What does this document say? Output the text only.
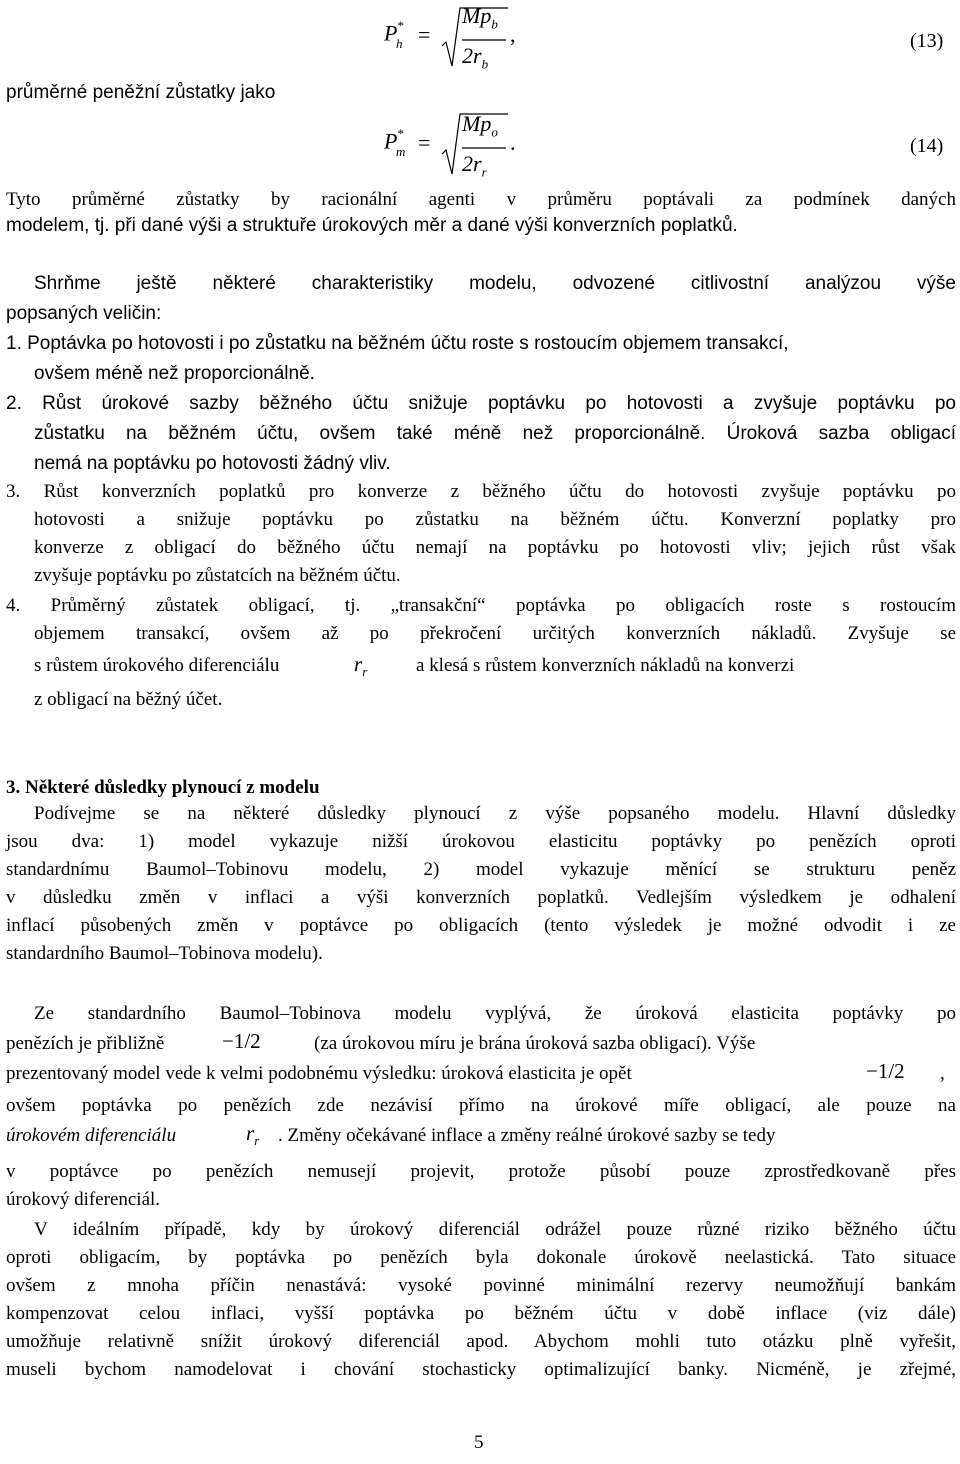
$P^*_h$ =
$Mp_b$
$2r_b$
,	(13)
průměrné peněžní zůstatky jako
$P^*_m$ =
$Mp_o$
$2r_r$
.	(14)
Tyto průměrné zůstatky by racionální agenti v průměru poptávali za podmínek daných
modelem, tj. při dané výši a struktuře úrokových měr a dané výši konverzních poplatků.
Shrňme ještě některé charakteristiky modelu, odvozené citlivostní analýzou výše
popsaných veličin:
1. Poptávka po hotovosti i po zůstatku na běžném účtu roste s rostoucím objemem transakcí,
ovšem méně než proporcionálně.
2. Růst úrokové sazby běžného účtu snižuje poptávku po hotovosti a zvyšuje poptávku po
zůstatku na běžném účtu, ovšem také méně než proporcionálně. Úroková sazba obligací
nemá na poptávku po hotovosti žádný vliv.
3. Růst konverzních poplatků pro konverze z běžného účtu do hotovosti zvyšuje poptávku po
hotovosti a snižuje poptávku po zůstatku na běžném účtu. Konverzní poplatky pro
konverze z obligací do běžného účtu nemají na poptávku po hotovosti vliv; jejich růst však
zvyšuje poptávku po zůstatcích na běžném účtu.
4. Průměrný zůstatek obligací, tj. „transakční“ poptávka po obligacích roste s rostoucím
objemem transakcí, ovšem až po překročení určitých konverzních nákladů. Zvyšuje se
s růstem úrokového diferenciálu	$r_r$	a klesá s růstem konverzních nákladů na konverzi
z obligací na běžný účet.
3. Některé důsledky plynoucí z modelu
Podívejme se na některé důsledky plynoucí z výše popsaného modelu. Hlavní důsledky
jsou dva: 1) model vykazuje nižší úrokovou elasticitu poptávky po penězích oproti
standardnímu Baumol–Tobinovu modelu, 2) model vykazuje měnící se strukturu peněz
v důsledku změn v inflaci a výši konverzních poplatků. Vedlejším výsledkem je odhalení
inflací působených změn v poptávce po obligacích (tento výsledek je možné odvodit i ze
standardního Baumol–Tobinova modelu).
Ze standardního Baumol–Tobinova modelu vyplývá, že úroková elasticita poptávky po
penězích je přibližně	−1/2	(za úrokovou míru je brána úroková sazba obligací). Výše
prezentovaný model vede k velmi podobnému výsledku: úroková elasticita je opět	−1/2 ,
ovšem poptávka po penězích zde nezávisí přímo na úrokové míře obligací, ale pouze na
úrokovém diferenciálu	$r_r$ . Změny očekávané inflace a změny reálné úrokové sazby se tedy
v poptávce po penězích nemusejí projevit, protože působí pouze zprostředkovaně přes
úrokový diferenciál.
V ideálním případě, kdy by úrokový diferenciál odrážel pouze různé riziko běžného účtu
oproti obligacím, by poptávka po penězích byla dokonale úrokově neelastická. Tato situace
ovšem z mnoha příčin nenastává: vysoké povinné minimální rezervy neumožňují bankám
kompenzovat celou inflaci, vyšší poptávka po běžném účtu v době inflace (viz dále)
umožňuje relativně snížit úrokový diferenciál apod. Abychom mohli tuto otázku plně vyřešit,
museli bychom namodelovat i chování stochasticky optimalizující banky. Nicméně, je zřejmé,
5
